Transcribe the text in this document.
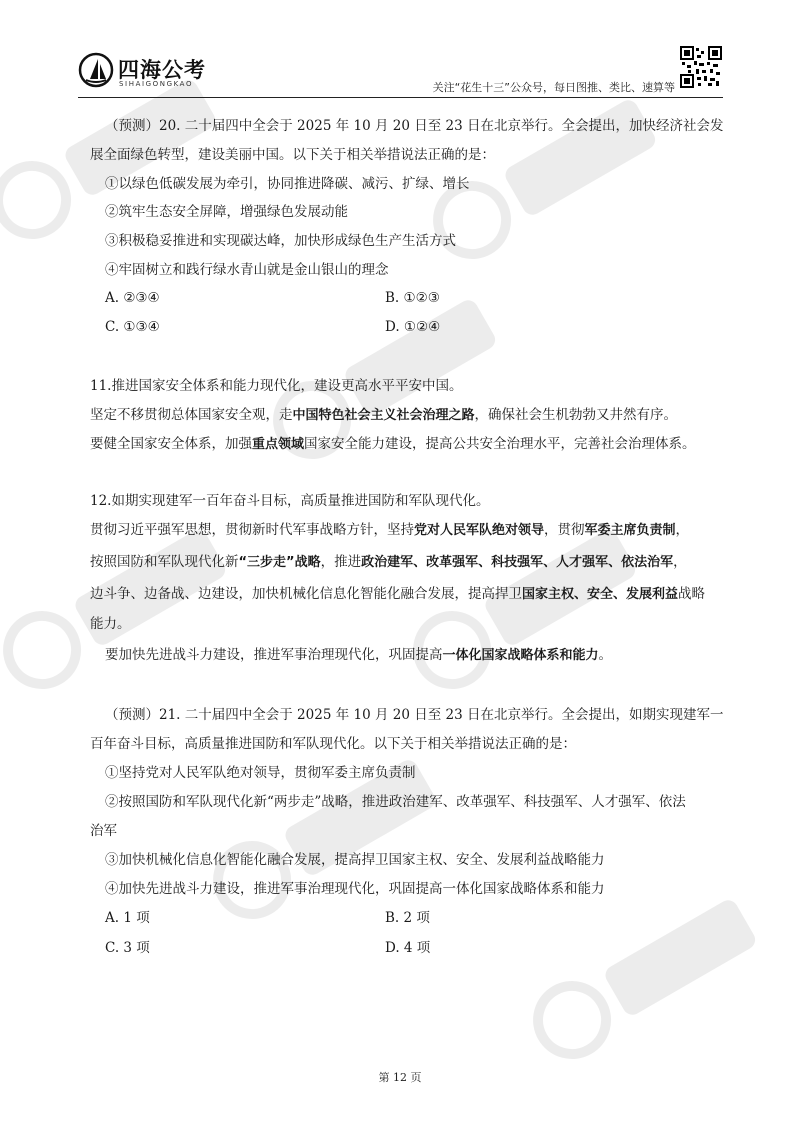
四海公考
SIHAIGONGKAO	关注“花生十三”公众号，每日图推、类比、速算等
（预测）20. 二十届四中全会于 2025 年 10 月 20 日至 23 日在北京举行。全会提出，加快经济社会发
展全面绿色转型，建设美丽中国。以下关于相关举措说法正确的是：
①以绿色低碳发展为牵引，协同推进降碳、减污、扩绿、增长
②筑牢生态安全屏障，增强绿色发展动能
③积极稳妥推进和实现碳达峰，加快形成绿色生产生活方式
④牢固树立和践行绿水青山就是金山银山的理念
A. ②③④	B. ①②③
C. ①③④	D. ①②④
11.推进国家安全体系和能力现代化，建设更高水平平安中国。
坚定不移贯彻总体国家安全观，走中国特色社会主义社会治理之路，确保社会生机勃勃又井然有序。
要健全国家安全体系，加强重点领域国家安全能力建设，提高公共安全治理水平，完善社会治理体系。
12.如期实现建军一百年奋斗目标，高质量推进国防和军队现代化。
贯彻习近平强军思想，贯彻新时代军事战略方针，坚持党对人民军队绝对领导，贯彻军委主席负责制，
按照国防和军队现代化新“三步走”战略，推进政治建军、改革强军、科技强军、人才强军、依法治军，
边斗争、边备战、边建设，加快机械化信息化智能化融合发展，提高捍卫国家主权、安全、发展利益战略
能力。
要加快先进战斗力建设，推进军事治理现代化，巩固提高一体化国家战略体系和能力。
（预测）21. 二十届四中全会于 2025 年 10 月 20 日至 23 日在北京举行。全会提出，如期实现建军一
百年奋斗目标，高质量推进国防和军队现代化。以下关于相关举措说法正确的是：
①坚持党对人民军队绝对领导，贯彻军委主席负责制
②按照国防和军队现代化新“两步走”战略，推进政治建军、改革强军、科技强军、人才强军、依法
治军
③加快机械化信息化智能化融合发展，提高捍卫国家主权、安全、发展利益战略能力
④加快先进战斗力建设，推进军事治理现代化，巩固提高一体化国家战略体系和能力
A. 1 项	B. 2 项
C. 3 项	D. 4 项
第 12 页
